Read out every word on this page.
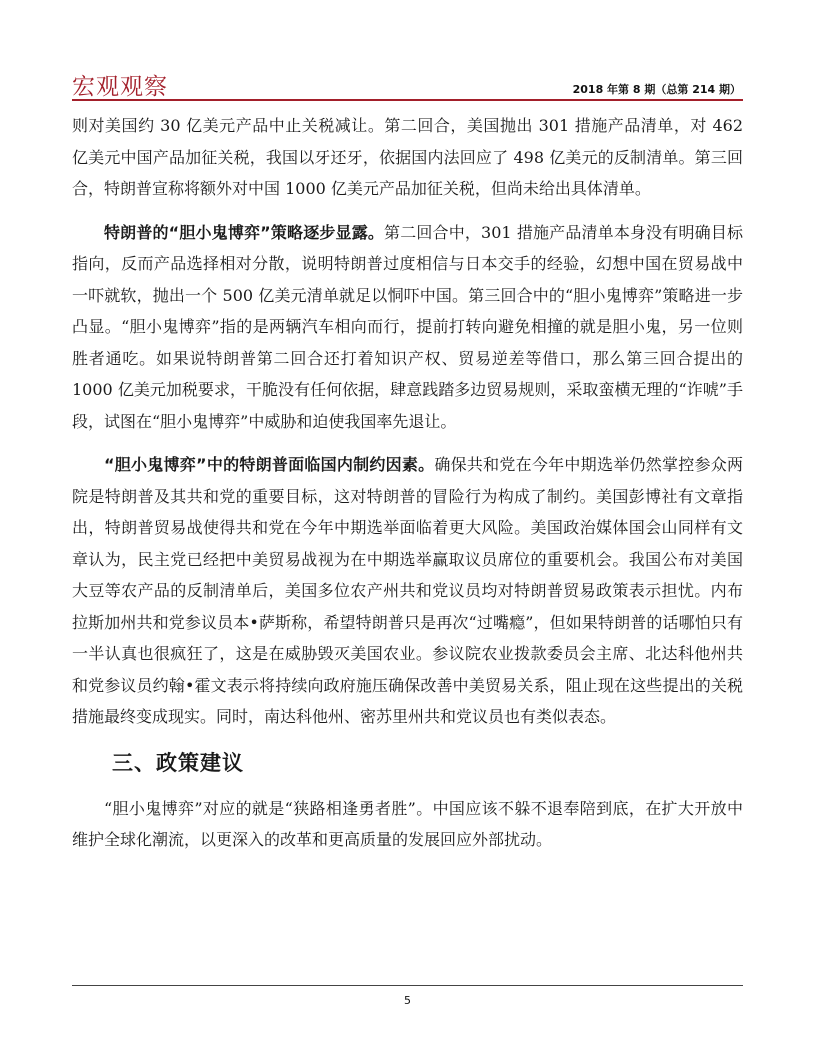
宏观观察	2018 年第 8 期（总第 214 期）

则对美国约 30 亿美元产品中止关税减让。第二回合，美国抛出 301 措施产品清单，对 462 亿美元中国产品加征关税，我国以牙还牙，依据国内法回应了 498 亿美元的反制清单。第三回合，特朗普宣称将额外对中国 1000 亿美元产品加征关税，但尚未给出具体清单。

特朗普的“胆小鬼博弈”策略逐步显露。第二回合中，301 措施产品清单本身没有明确目标指向，反而产品选择相对分散，说明特朗普过度相信与日本交手的经验，幻想中国在贸易战中一吓就软，抛出一个 500 亿美元清单就足以恫吓中国。第三回合中的“胆小鬼博弈”策略进一步凸显。“胆小鬼博弈”指的是两辆汽车相向而行，提前打转向避免相撞的就是胆小鬼，另一位则胜者通吃。如果说特朗普第二回合还打着知识产权、贸易逆差等借口，那么第三回合提出的 1000 亿美元加税要求，干脆没有任何依据，肆意践踏多边贸易规则，采取蛮横无理的“诈唬”手段，试图在“胆小鬼博弈”中威胁和迫使我国率先退让。

“胆小鬼博弈”中的特朗普面临国内制约因素。确保共和党在今年中期选举仍然掌控参众两院是特朗普及其共和党的重要目标，这对特朗普的冒险行为构成了制约。美国彭博社有文章指出，特朗普贸易战使得共和党在今年中期选举面临着更大风险。美国政治媒体国会山同样有文章认为，民主党已经把中美贸易战视为在中期选举赢取议员席位的重要机会。我国公布对美国大豆等农产品的反制清单后，美国多位农产州共和党议员均对特朗普贸易政策表示担忧。内布拉斯加州共和党参议员本•萨斯称，希望特朗普只是再次“过嘴瘾”，但如果特朗普的话哪怕只有一半认真也很疯狂了，这是在威胁毁灭美国农业。参议院农业拨款委员会主席、北达科他州共和党参议员约翰•霍文表示将持续向政府施压确保改善中美贸易关系，阻止现在这些提出的关税措施最终变成现实。同时，南达科他州、密苏里州共和党议员也有类似表态。

三、政策建议

“胆小鬼博弈”对应的就是“狭路相逢勇者胜”。中国应该不躲不退奉陪到底，在扩大开放中维护全球化潮流，以更深入的改革和更高质量的发展回应外部扰动。

5
